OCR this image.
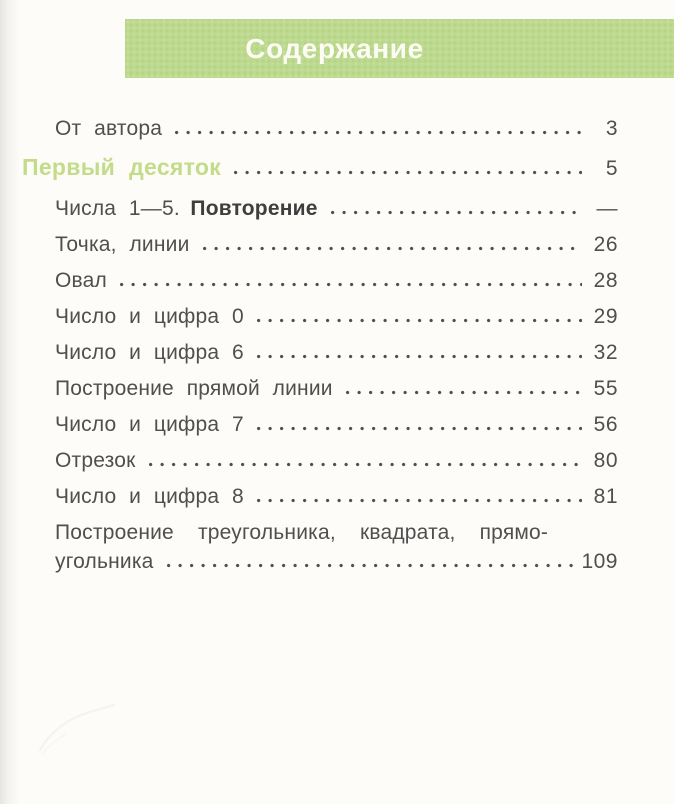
Содержание
От автора	3
Первый десяток	5
Числа 1—5. Повторение	—
Точка, линии	26
Овал	28
Число и цифра 0	29
Число и цифра 6	32
Построение прямой линии	55
Число и цифра 7	56
Отрезок	80
Число и цифра 8	81
Построение треугольника, квадрата, прямо-
угольника	109
